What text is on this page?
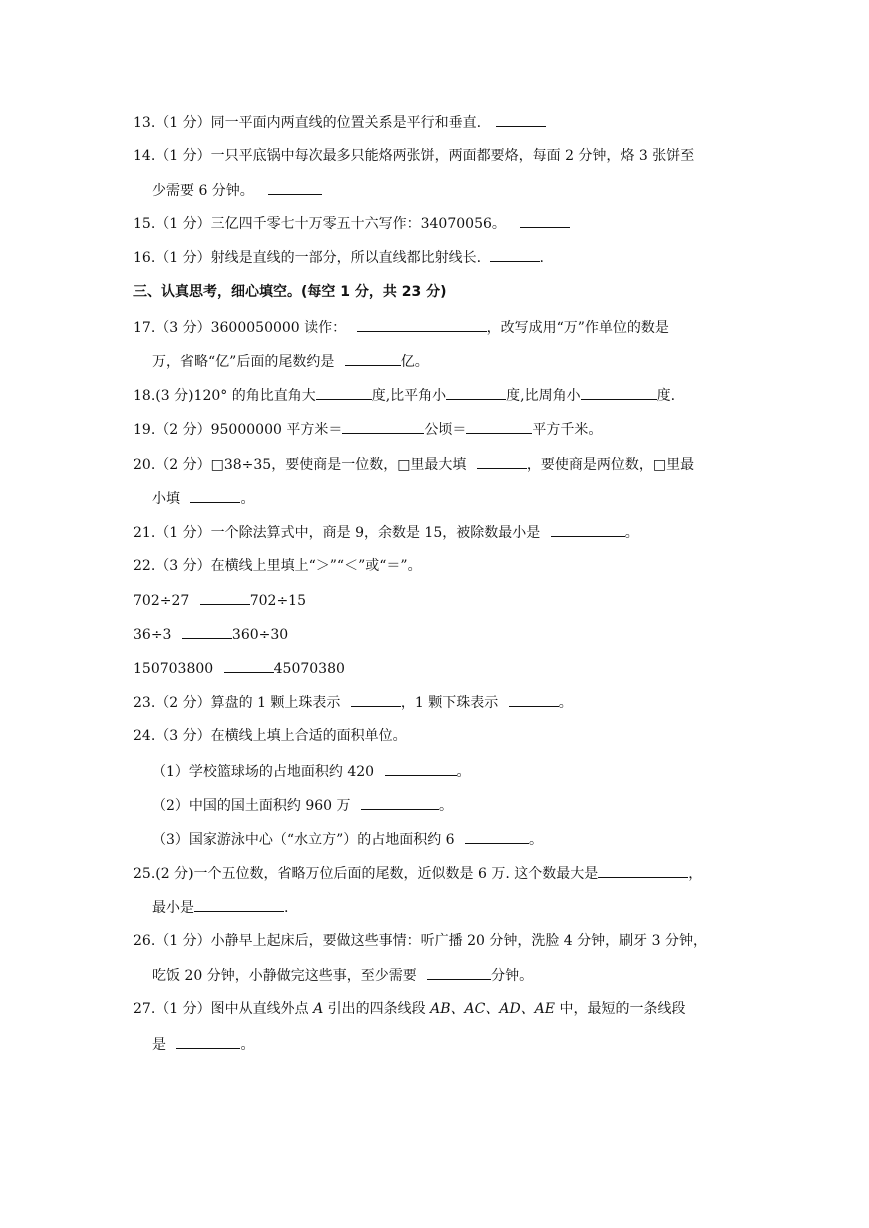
13.（1 分）同一平面内两直线的位置关系是平行和垂直.
14.（1 分）一只平底锅中每次最多只能烙两张饼，两面都要烙，每面 2 分钟，烙 3 张饼至
少需要 6 分钟。
15.（1 分）三亿四千零七十万零五十六写作：34070056。
16.（1 分）射线是直线的一部分，所以直线都比射线长.	.
三、认真思考，细心填空。(每空 1 分，共 23 分)
17.（3 分）3600050000 读作：	，改写成用“万”作单位的数是
万，省略“亿”后面的尾数约是	亿。
18.(3 分)120° 的角比直角大	度,比平角小	度,比周角小	度.
19.（2 分）95000000 平方米＝	公顷＝	平方千米。
20.（2 分）□38÷35，要使商是一位数，□里最大填	，要使商是两位数，□里最
小填	。
21.（1 分）一个除法算式中，商是 9，余数是 15，被除数最小是	。
22.（3 分）在横线上里填上“＞”“＜”或“＝”。
702÷27	702÷15
36÷3	360÷30
150703800	45070380
23.（2 分）算盘的 1 颗上珠表示	，1 颗下珠表示	。
24.（3 分）在横线上填上合适的面积单位。
（1）学校篮球场的占地面积约 420	。
（2）中国的国土面积约 960 万	。
（3）国家游泳中心（“水立方”）的占地面积约 6	。
25.(2 分)一个五位数，省略万位后面的尾数，近似数是 6 万. 这个数最大是	，
最小是	.
26.（1 分）小静早上起床后，要做这些事情：听广播 20 分钟，洗脸 4 分钟，刷牙 3 分钟，
吃饭 20 分钟，小静做完这些事，至少需要	分钟。
27.（1 分）图中从直线外点 A 引出的四条线段 AB、AC、AD、AE 中，最短的一条线段
是	。
